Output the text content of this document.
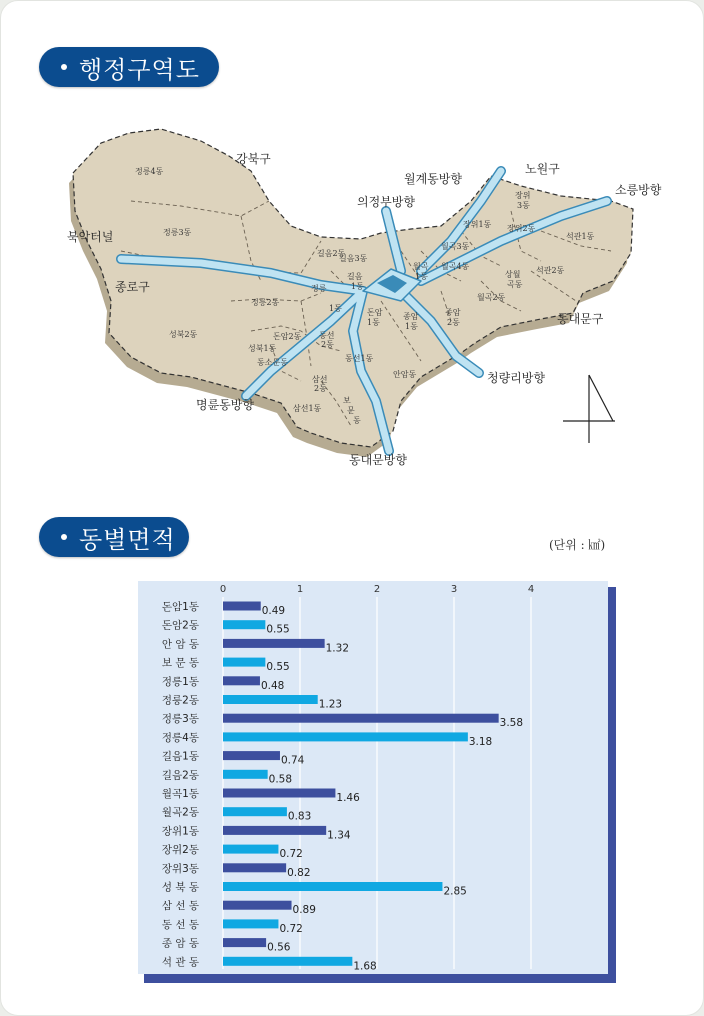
행정구역도
강북구
노원구
종로구
동대문구
월계동방향
의정부방향
소릉방향
북악터널
청량리방향
명륜동방향
동대문방향
정릉4동
정릉3동
정릉2동
정릉
1동
성북2동
성북1동
길음2동
길음3동
길음
1동
돈암2동 동선
2동
동소문동
돈암
1동
동선1동
삼선
2동
삼선1동
보
문
동
안암동
종암
1동
종암
2동
월곡3동
월곡4동
월곡
1동
월곡2동
장위1동 장위2동
장위
3동
석관1동
석관2동
상월
곡동
동별면적	(단위 : ㎢)
0	1	2	3	4
돈암1동
돈암2동
안 암 동
보 문 동
정릉1동
정릉2동
정릉3동
정릉4동
길음1동
길음2동
월곡1동
월곡2동
장위1동
장위2동
장위3동
성 북 동
삼 선 동
동 선 동
종 암 동
석 관 동
0.49
0.55
1.32
0.55
0.48
1.23
3.58
3.18
0.74
0.58
1.46
0.83
1.34
0.72
0.82
2.85
0.89
0.72
0.56
1.68
